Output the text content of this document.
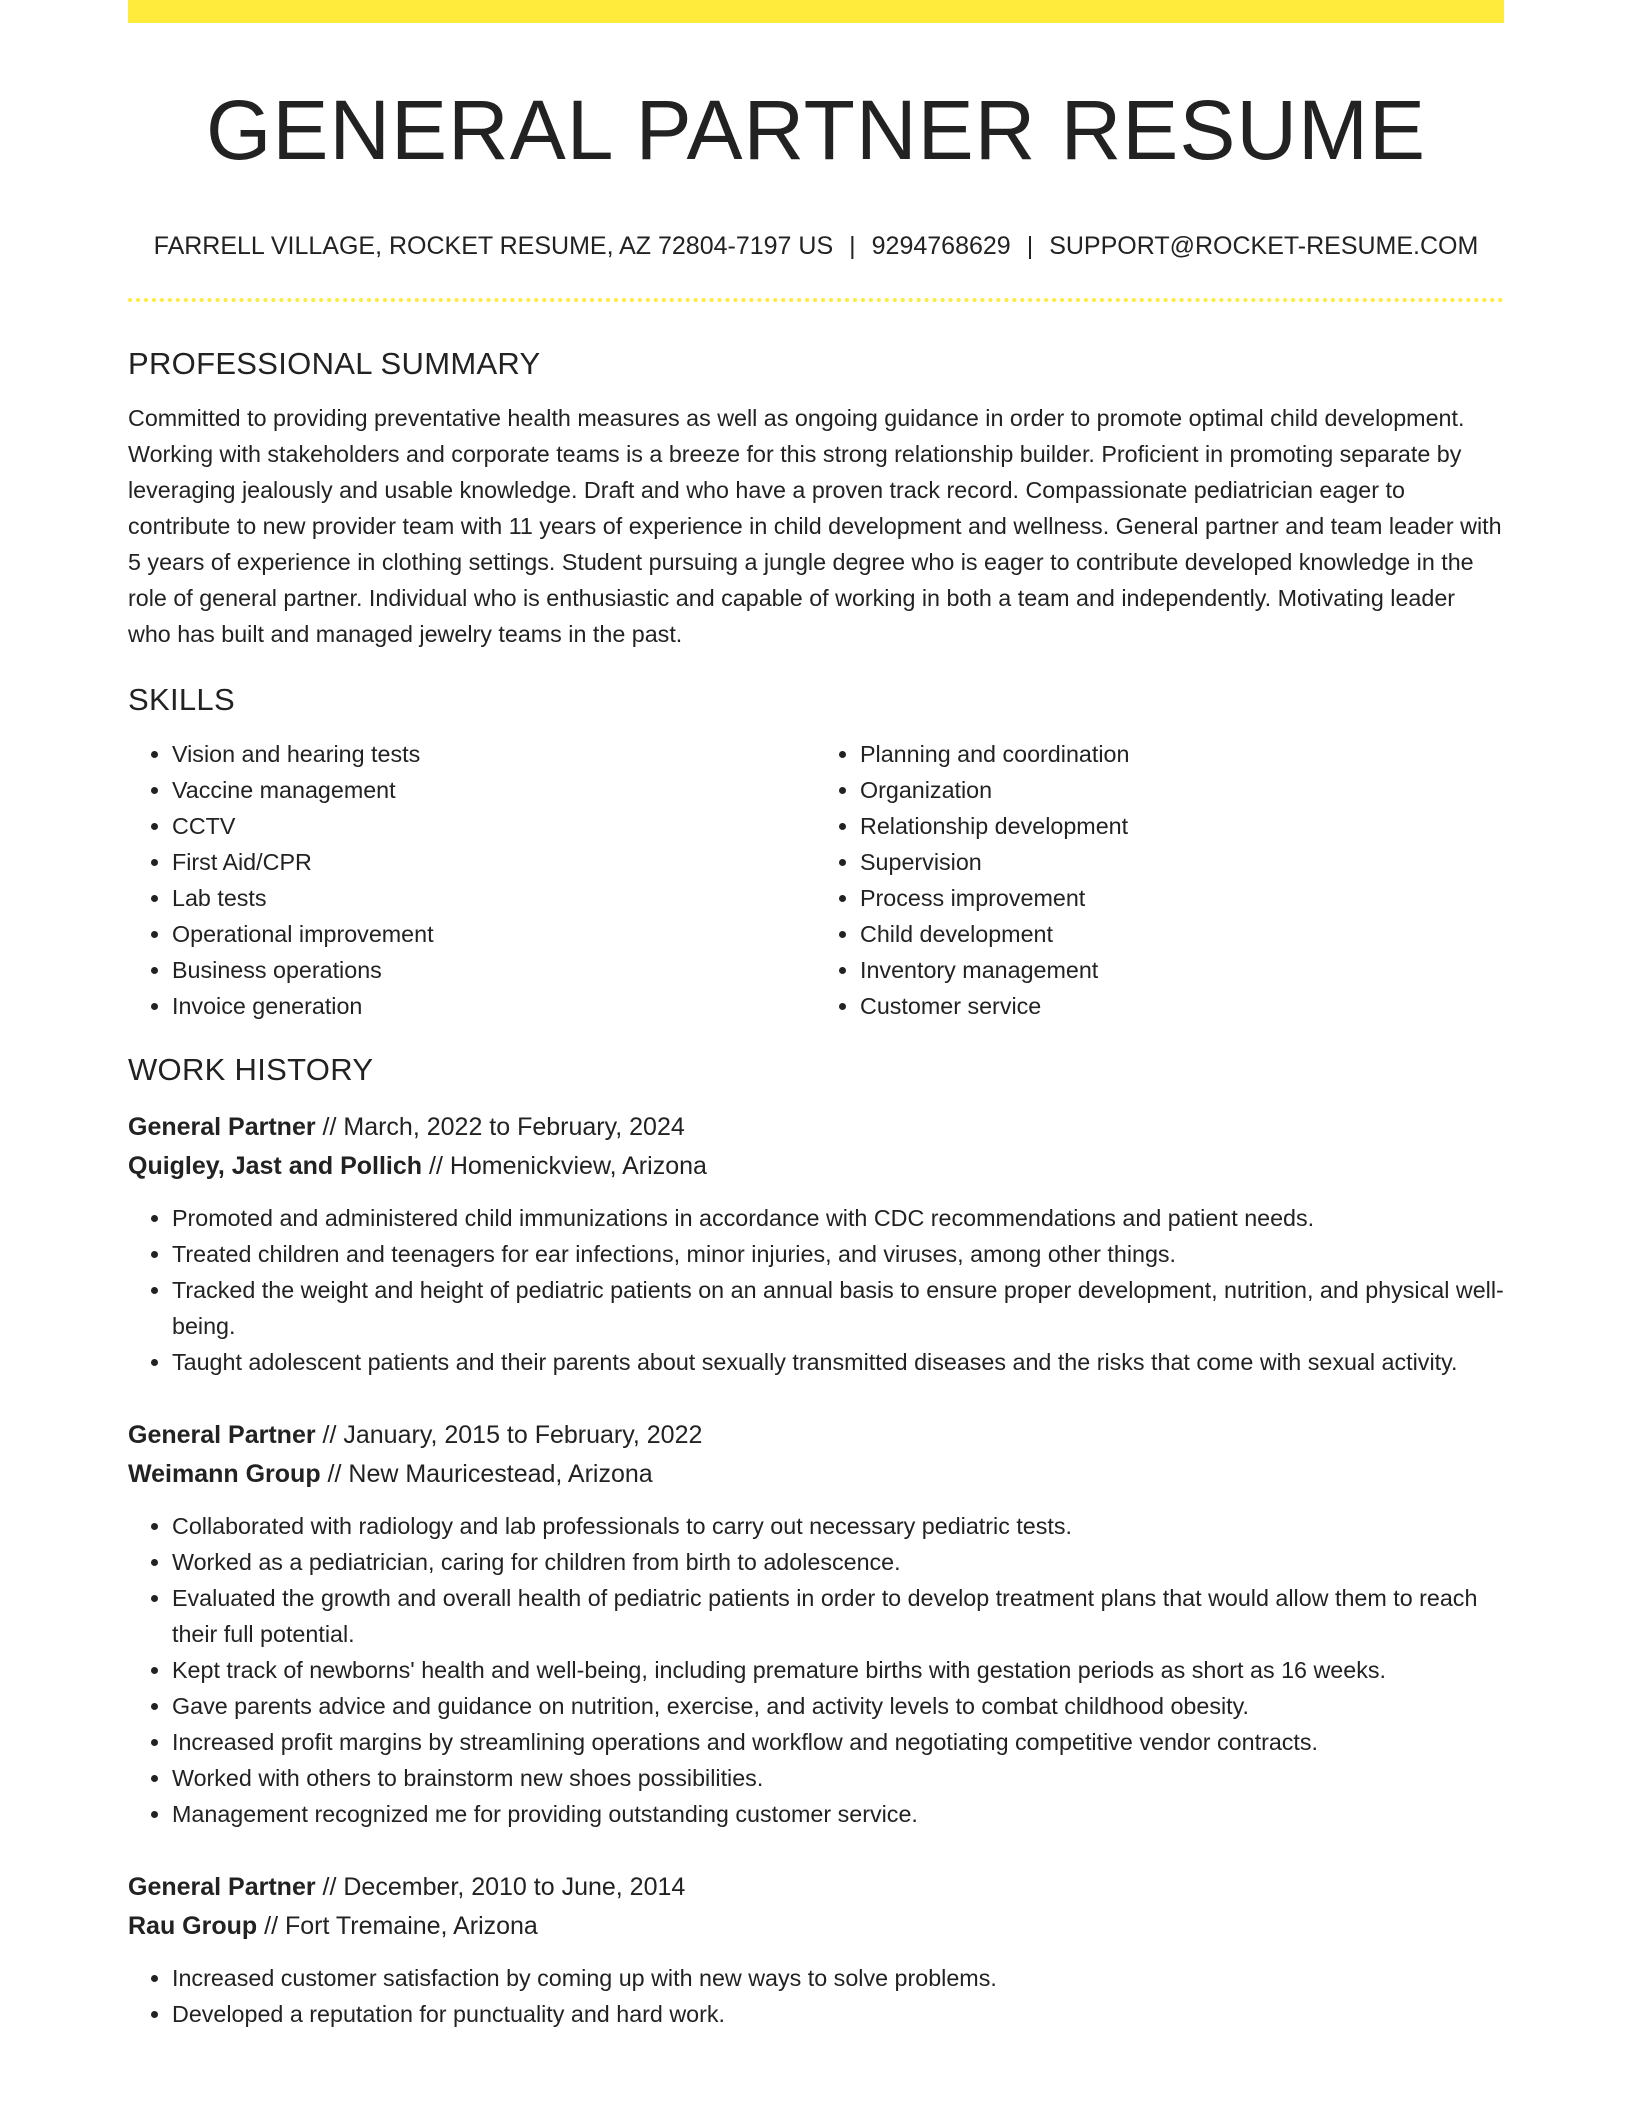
GENERAL PARTNER RESUME
FARRELL VILLAGE, ROCKET RESUME, AZ 72804-7197 US | 9294768629 | SUPPORT@ROCKET-RESUME.COM
PROFESSIONAL SUMMARY

Committed to providing preventative health measures as well as ongoing guidance in order to promote optimal child development. Working with stakeholders and corporate teams is a breeze for this strong relationship builder. Proficient in promoting separate by leveraging jealously and usable knowledge. Draft and who have a proven track record. Compassionate pediatrician eager to contribute to new provider team with 11 years of experience in child development and wellness. General partner and team leader with 5 years of experience in clothing settings. Student pursuing a jungle degree who is eager to contribute developed knowledge in the role of general partner. Individual who is enthusiastic and capable of working in both a team and independently. Motivating leader who has built and managed jewelry teams in the past.

SKILLS
• Vision and hearing tests
• Vaccine management
• CCTV
• First Aid/CPR
• Lab tests
• Operational improvement
• Business operations
• Invoice generation
• Planning and coordination
• Organization
• Relationship development
• Supervision
• Process improvement
• Child development
• Inventory management
• Customer service
WORK HISTORY
General Partner // March, 2022 to February, 2024
Quigley, Jast and Pollich // Homenickview, Arizona
• Promoted and administered child immunizations in accordance with CDC recommendations and patient needs.
• Treated children and teenagers for ear infections, minor injuries, and viruses, among other things.
• Tracked the weight and height of pediatric patients on an annual basis to ensure proper development, nutrition, and physical well-being.
• Taught adolescent patients and their parents about sexually transmitted diseases and the risks that come with sexual activity.
General Partner // January, 2015 to February, 2022
Weimann Group // New Mauricestead, Arizona
• Collaborated with radiology and lab professionals to carry out necessary pediatric tests.
• Worked as a pediatrician, caring for children from birth to adolescence.
• Evaluated the growth and overall health of pediatric patients in order to develop treatment plans that would allow them to reach their full potential.
• Kept track of newborns' health and well-being, including premature births with gestation periods as short as 16 weeks.
• Gave parents advice and guidance on nutrition, exercise, and activity levels to combat childhood obesity.
• Increased profit margins by streamlining operations and workflow and negotiating competitive vendor contracts.
• Worked with others to brainstorm new shoes possibilities.
• Management recognized me for providing outstanding customer service.
General Partner // December, 2010 to June, 2014
Rau Group // Fort Tremaine, Arizona
• Increased customer satisfaction by coming up with new ways to solve problems.
• Developed a reputation for punctuality and hard work.
